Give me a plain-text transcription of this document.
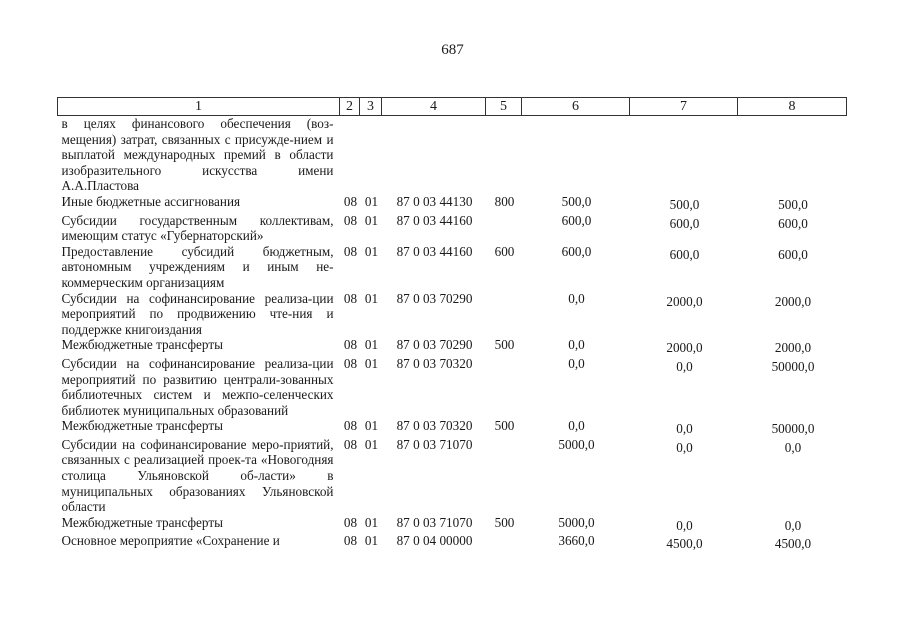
687
1	2	3	4	5	6	7	8
в целях финансового обеспечения (воз-мещения) затрат, связанных с присужде-нием и выплатой международных премий в области изобразительного искусства имени А.А.Пластова							
Иные бюджетные ассигнования	08	01	87 0 03 44130	800	500,0	500,0	500,0
Субсидии государственным коллективам, имеющим статус «Губернаторский»	08	01	87 0 03 44160		600,0	600,0	600,0
Предоставление субсидий бюджетным, автономным учреждениям и иным не-коммерческим организациям	08	01	87 0 03 44160	600	600,0	600,0	600,0
Субсидии на софинансирование реализа-ции мероприятий по продвижению чте-ния и поддержке книгоиздания	08	01	87 0 03 70290		0,0	2000,0	2000,0
Межбюджетные трансферты	08	01	87 0 03 70290	500	0,0	2000,0	2000,0
Субсидии на софинансирование реализа-ции мероприятий по развитию централи-зованных библиотечных систем и межпо-селенческих библиотек муниципальных образований	08	01	87 0 03 70320		0,0	0,0	50000,0
Межбюджетные трансферты	08	01	87 0 03 70320	500	0,0	0,0	50000,0
Субсидии на софинансирование меро-приятий, связанных с реализацией проек-та «Новогодняя столица Ульяновской об-ласти» в муниципальных образованиях Ульяновской области	08	01	87 0 03 71070		5000,0	0,0	0,0
Межбюджетные трансферты	08	01	87 0 03 71070	500	5000,0	0,0	0,0
Основное мероприятие «Сохранение и	08	01	87 0 04 00000		3660,0	4500,0	4500,0
